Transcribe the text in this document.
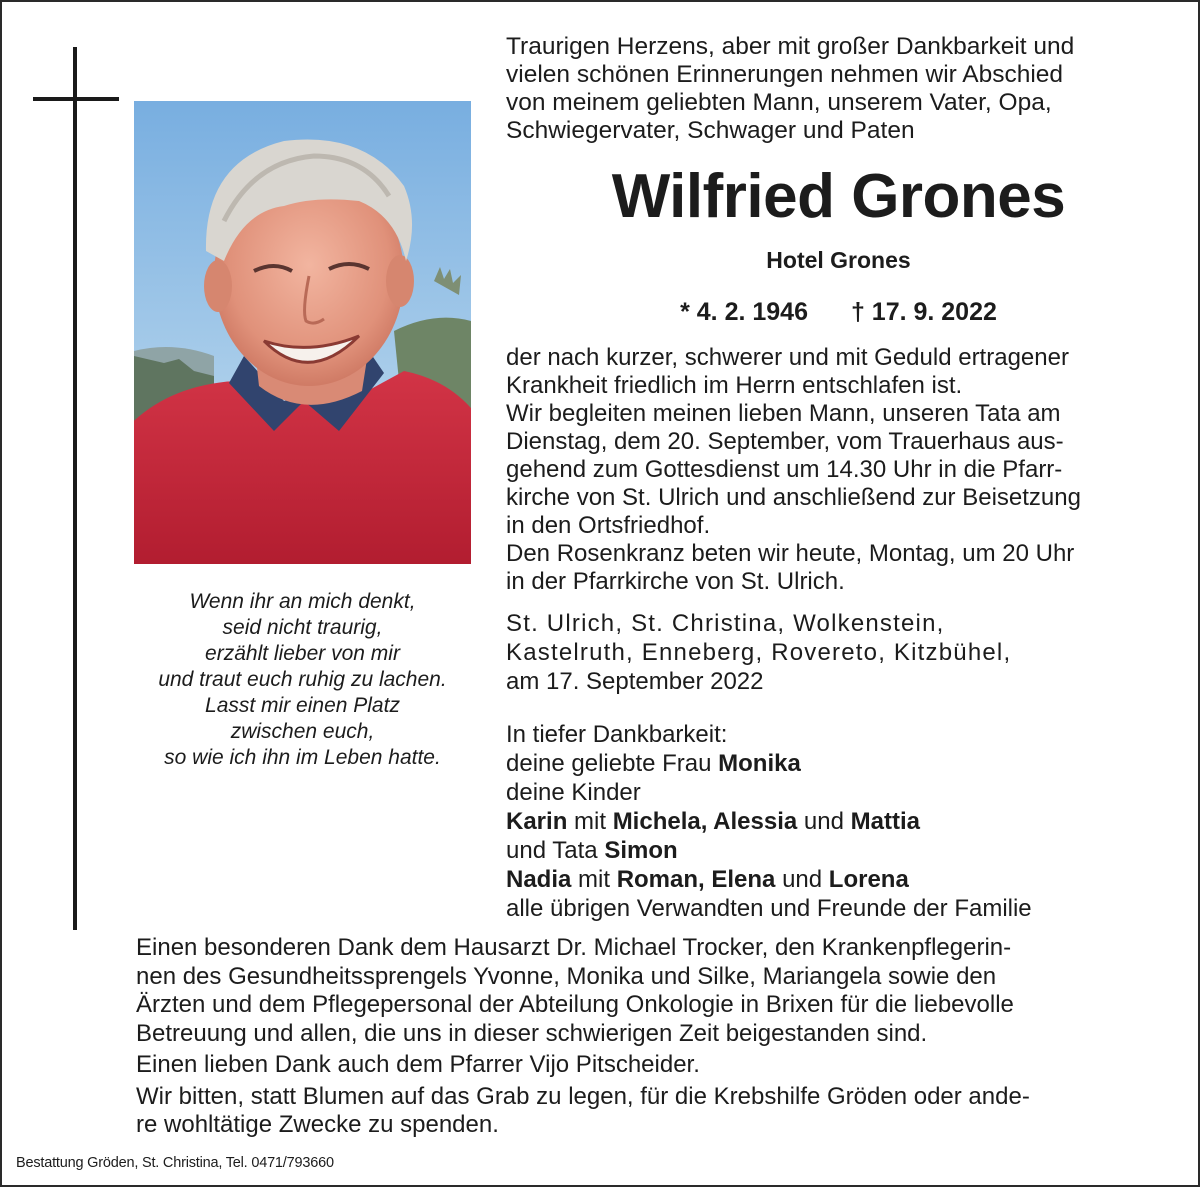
Wenn ihr an mich denkt,
seid nicht traurig,
erzählt lieber von mir
und traut euch ruhig zu lachen.
Lasst mir einen Platz
zwischen euch,
so wie ich ihn im Leben hatte.
Traurigen Herzens, aber mit großer Dankbarkeit und
vielen schönen Erinnerungen nehmen wir Abschied
von meinem geliebten Mann, unserem Vater, Opa,
Schwiegervater, Schwager und Paten
Wilfried Grones
Hotel Grones
* 4. 2. 1946 † 17. 9. 2022
der nach kurzer, schwerer und mit Geduld ertragener
Krankheit friedlich im Herrn entschlafen ist.
Wir begleiten meinen lieben Mann, unseren Tata am
Dienstag, dem 20. September, vom Trauerhaus aus-
gehend zum Gottesdienst um 14.30 Uhr in die Pfarr-
kirche von St. Ulrich und anschließend zur Beisetzung
in den Ortsfriedhof.
Den Rosenkranz beten wir heute, Montag, um 20 Uhr
in der Pfarrkirche von St. Ulrich.
St. Ulrich, St. Christina, Wolkenstein,
Kastelruth, Enneberg, Rovereto, Kitzbühel,
am 17. September 2022
In tiefer Dankbarkeit:
deine geliebte Frau Monika
deine Kinder
Karin mit Michela, Alessia und Mattia
und Tata Simon
Nadia mit Roman, Elena und Lorena
alle übrigen Verwandten und Freunde der Familie
Einen besonderen Dank dem Hausarzt Dr. Michael Trocker, den Krankenpflegerin-
nen des Gesundheitssprengels Yvonne, Monika und Silke, Mariangela sowie den
Ärzten und dem Pflegepersonal der Abteilung Onkologie in Brixen für die liebevolle
Betreuung und allen, die uns in dieser schwierigen Zeit beigestanden sind.
Einen lieben Dank auch dem Pfarrer Vijo Pitscheider.
Wir bitten, statt Blumen auf das Grab zu legen, für die Krebshilfe Gröden oder ande-
re wohltätige Zwecke zu spenden.
Bestattung Gröden, St. Christina, Tel. 0471/793660
